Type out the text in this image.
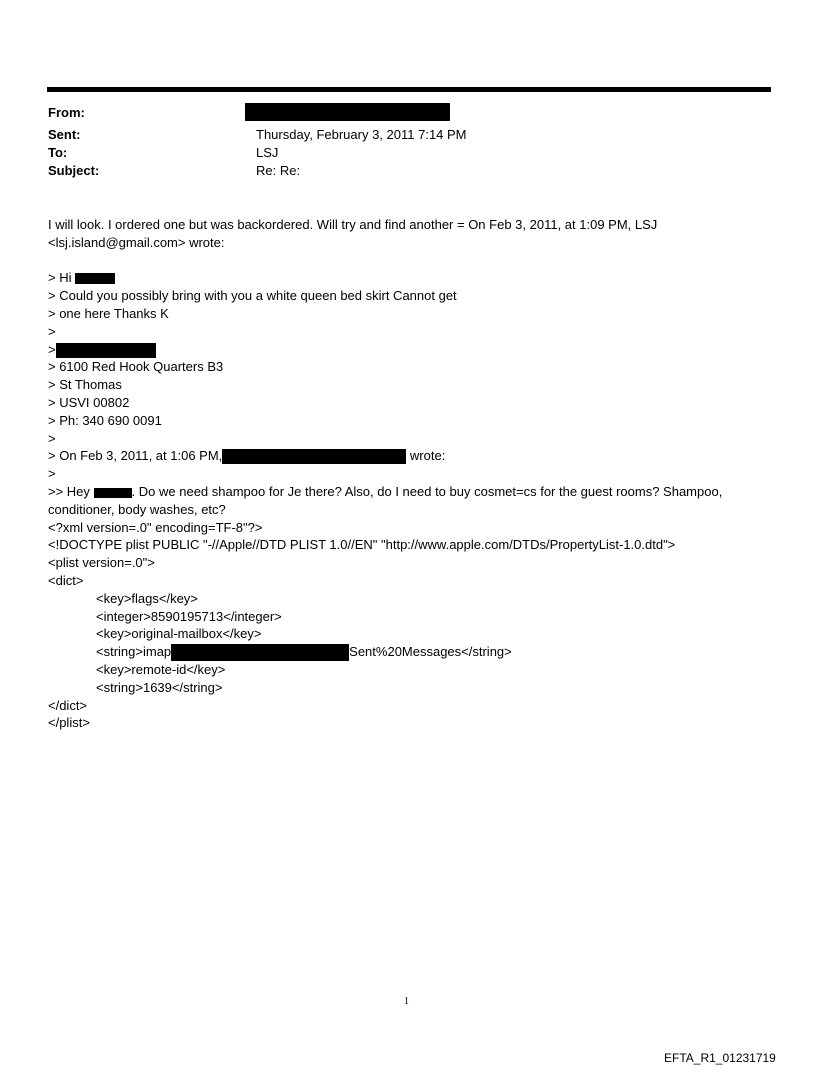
From:
Sent:	Thursday, February 3, 2011 7:14 PM
To:	LSJ
Subject:	Re: Re:
I will look. I ordered one but was backordered. Will try and find another = On Feb 3, 2011, at 1:09 PM, LSJ
<lsj.island@gmail.com> wrote:
> Hi
> Could you possibly bring with you a white queen bed skirt Cannot get
> one here Thanks K
>
>
> 6100 Red Hook Quarters B3
> St Thomas
> USVI 00802
> Ph: 340 690 0091
>
> On Feb 3, 2011, at 1:06 PM,	wrote:
>
>> Hey	. Do we need shampoo for Je there? Also, do I need to buy cosmet=cs for the guest rooms? Shampoo,
conditioner, body washes, etc?
<?xml version=.0" encoding=TF-8"?>
<!DOCTYPE plist PUBLIC "-//Apple//DTD PLIST 1.0//EN" "http://www.apple.com/DTDs/PropertyList-1.0.dtd">
<plist version=.0">
<dict>
<key>flags</key>
<integer>8590195713</integer>
<key>original-mailbox</key>
<string>imap	Sent%20Messages</string>
<key>remote-id</key>
<string>1639</string>
</dict>
</plist>
1
EFTA_R1_01231719
